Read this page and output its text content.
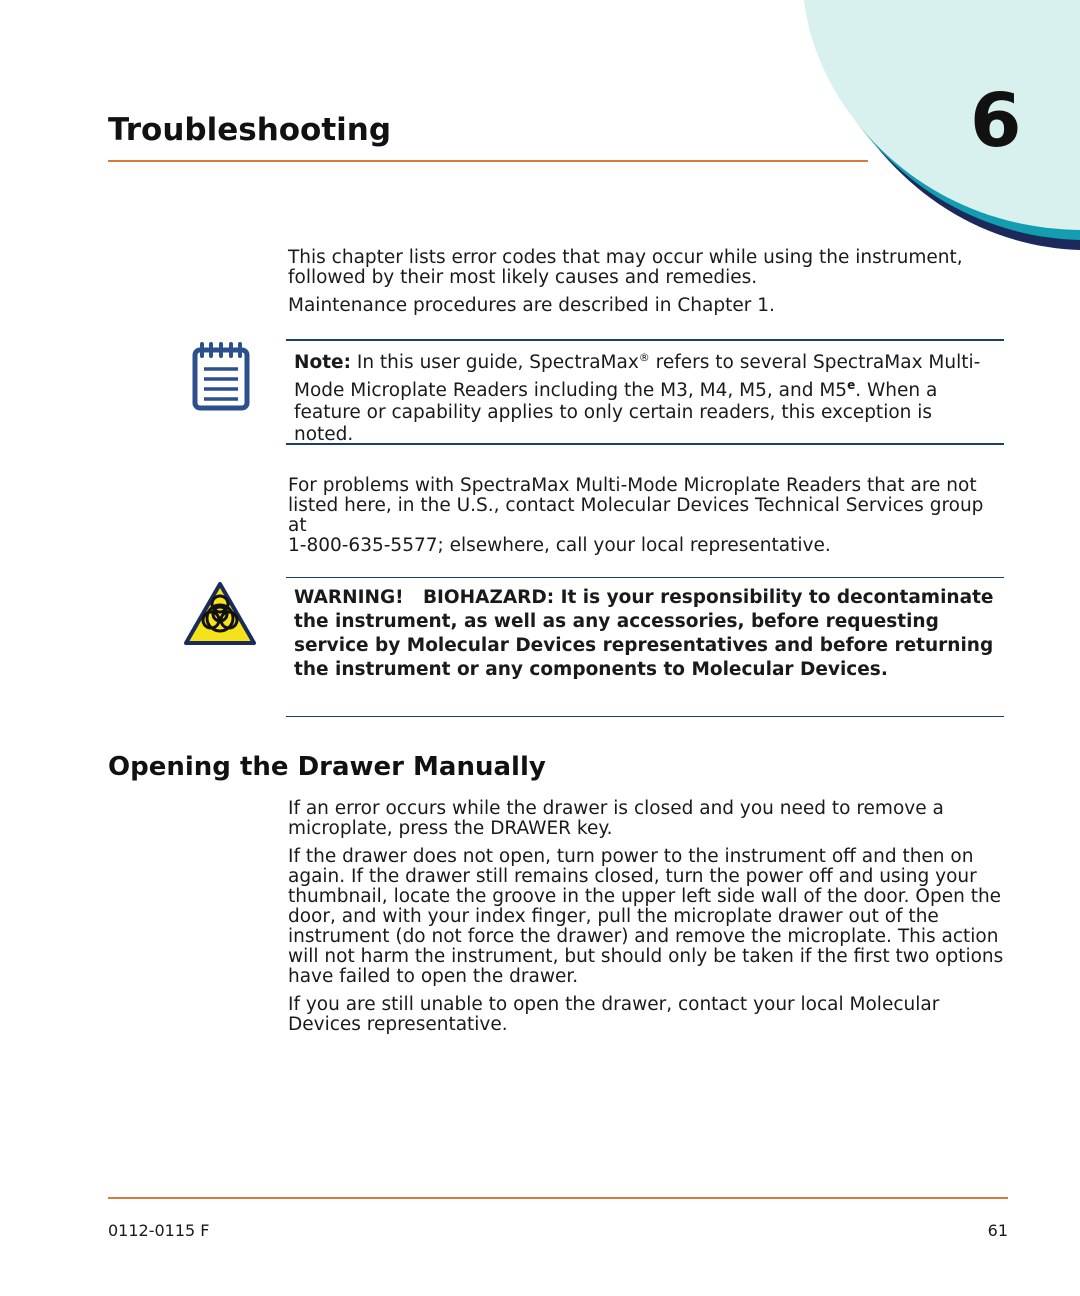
6
Troubleshooting

This chapter lists error codes that may occur while using the instrument, followed by their most likely causes and remedies.

Maintenance procedures are described in Chapter 1.

Note: In this user guide, SpectraMax® refers to several SpectraMax Multi-Mode Microplate Readers including the M3, M4, M5, and M5e. When a feature or capability applies to only certain readers, this exception is noted.

For problems with SpectraMax Multi-Mode Microplate Readers that are not listed here, in the U.S., contact Molecular Devices Technical Services group at

1-800-635-5577; elsewhere, call your local representative.

WARNING! BIOHAZARD: It is your responsibility to decontaminate the instrument, as well as any accessories, before requesting service by Molecular Devices representatives and before returning the instrument or any components to Molecular Devices.
Opening the Drawer Manually

If an error occurs while the drawer is closed and you need to remove a microplate, press the DRAWER key.

If the drawer does not open, turn power to the instrument off and then on again. If the drawer still remains closed, turn the power off and using your thumbnail, locate the groove in the upper left side wall of the door. Open the door, and with your index finger, pull the microplate drawer out of the instrument (do not force the drawer) and remove the microplate. This action will not harm the instrument, but should only be taken if the first two options have failed to open the drawer.

If you are still unable to open the drawer, contact your local Molecular Devices representative.

0112-0115 F	61
